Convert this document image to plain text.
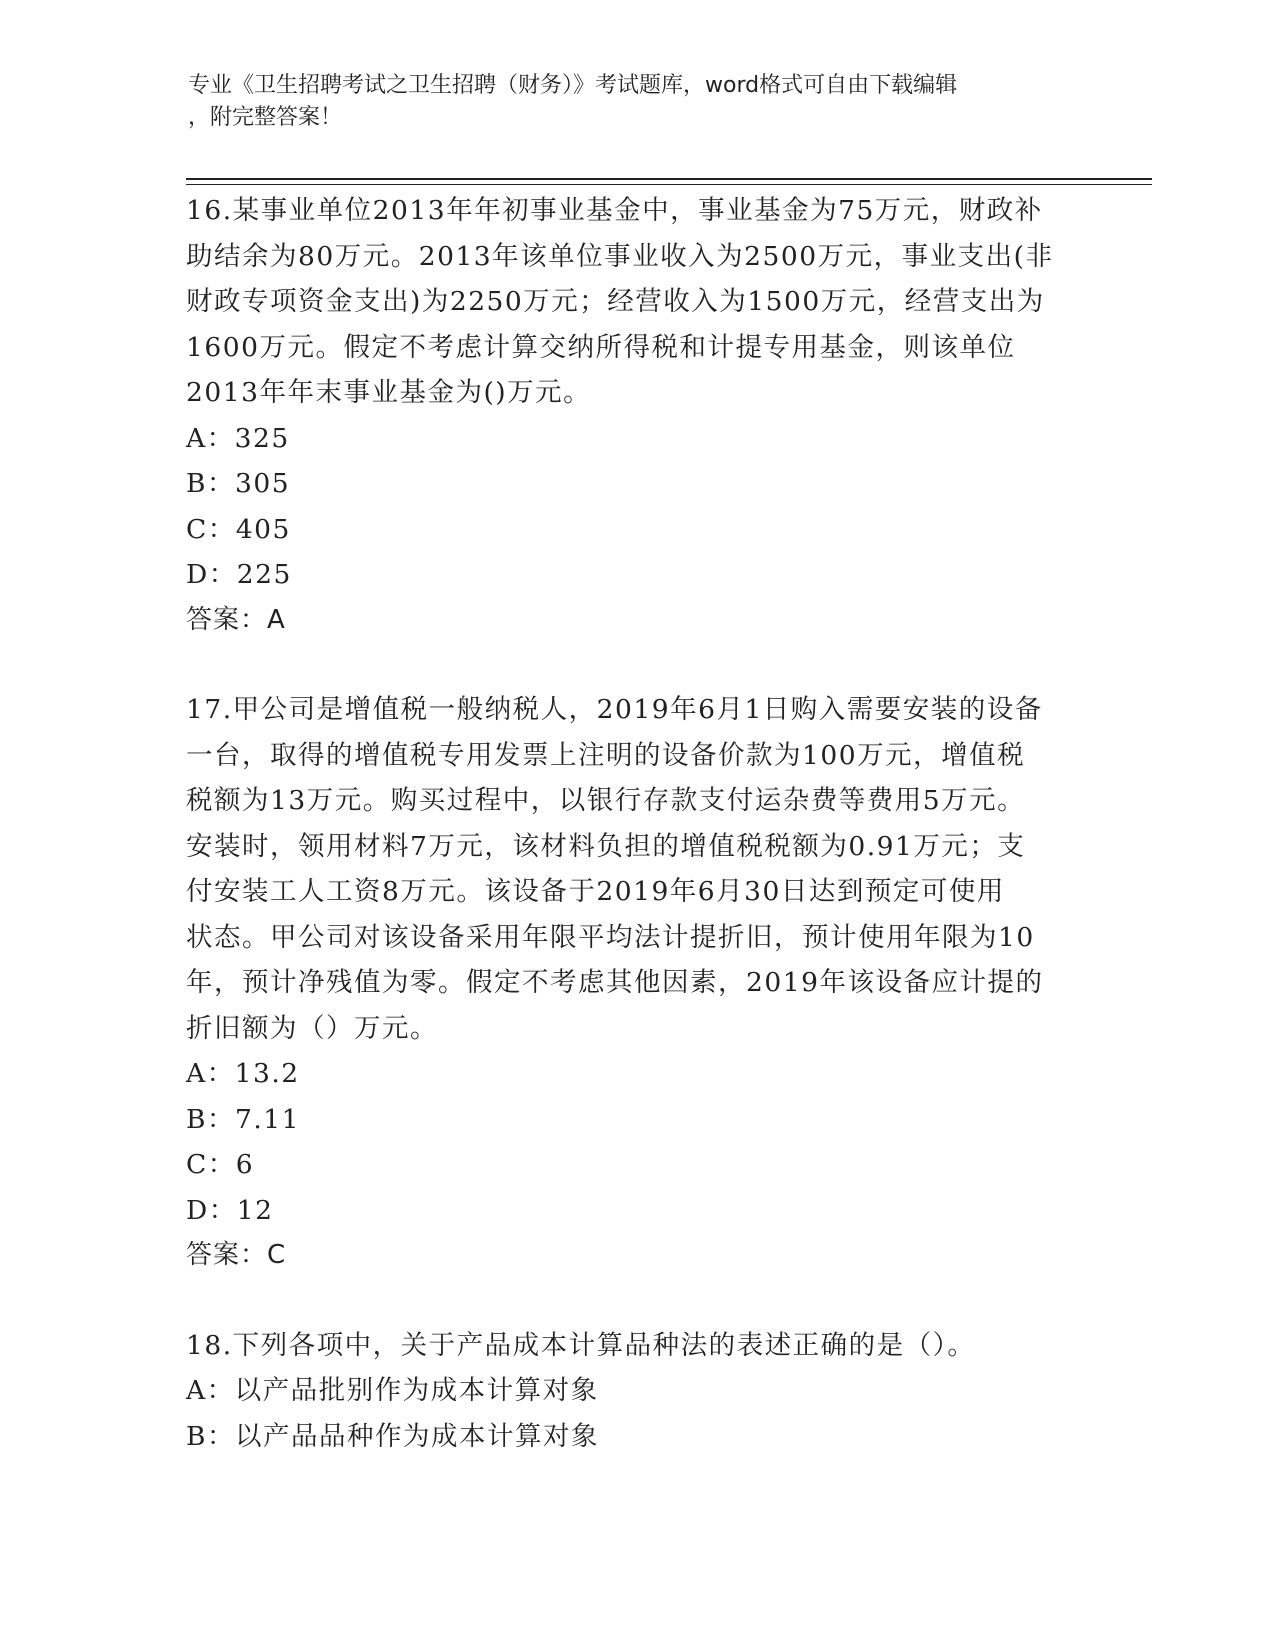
专业《卫生招聘考试之卫生招聘（财务）》考试题库，word格式可自由下载编辑
，附完整答案！
16.某事业单位2013年年初事业基金中，事业基金为75万元，财政补
助结余为80万元。2013年该单位事业收入为2500万元，事业支出(非
财政专项资金支出)为2250万元；经营收入为1500万元，经营支出为
1600万元。假定不考虑计算交纳所得税和计提专用基金，则该单位
2013年年末事业基金为()万元。
A：325
B：305
C：405
D：225
答案：A
17.甲公司是增值税一般纳税人，2019年6月1日购入需要安装的设备
一台，取得的增值税专用发票上注明的设备价款为100万元，增值税
税额为13万元。购买过程中，以银行存款支付运杂费等费用5万元。
安装时，领用材料7万元，该材料负担的增值税税额为0.91万元；支
付安装工人工资8万元。该设备于2019年6月30日达到预定可使用
状态。甲公司对该设备采用年限平均法计提折旧，预计使用年限为10
年，预计净残值为零。假定不考虑其他因素，2019年该设备应计提的
折旧额为（）万元。
A：13.2
B：7.11
C：6
D：12
答案：C
18.下列各项中，关于产品成本计算品种法的表述正确的是（）。
A：以产品批别作为成本计算对象
B：以产品品种作为成本计算对象
